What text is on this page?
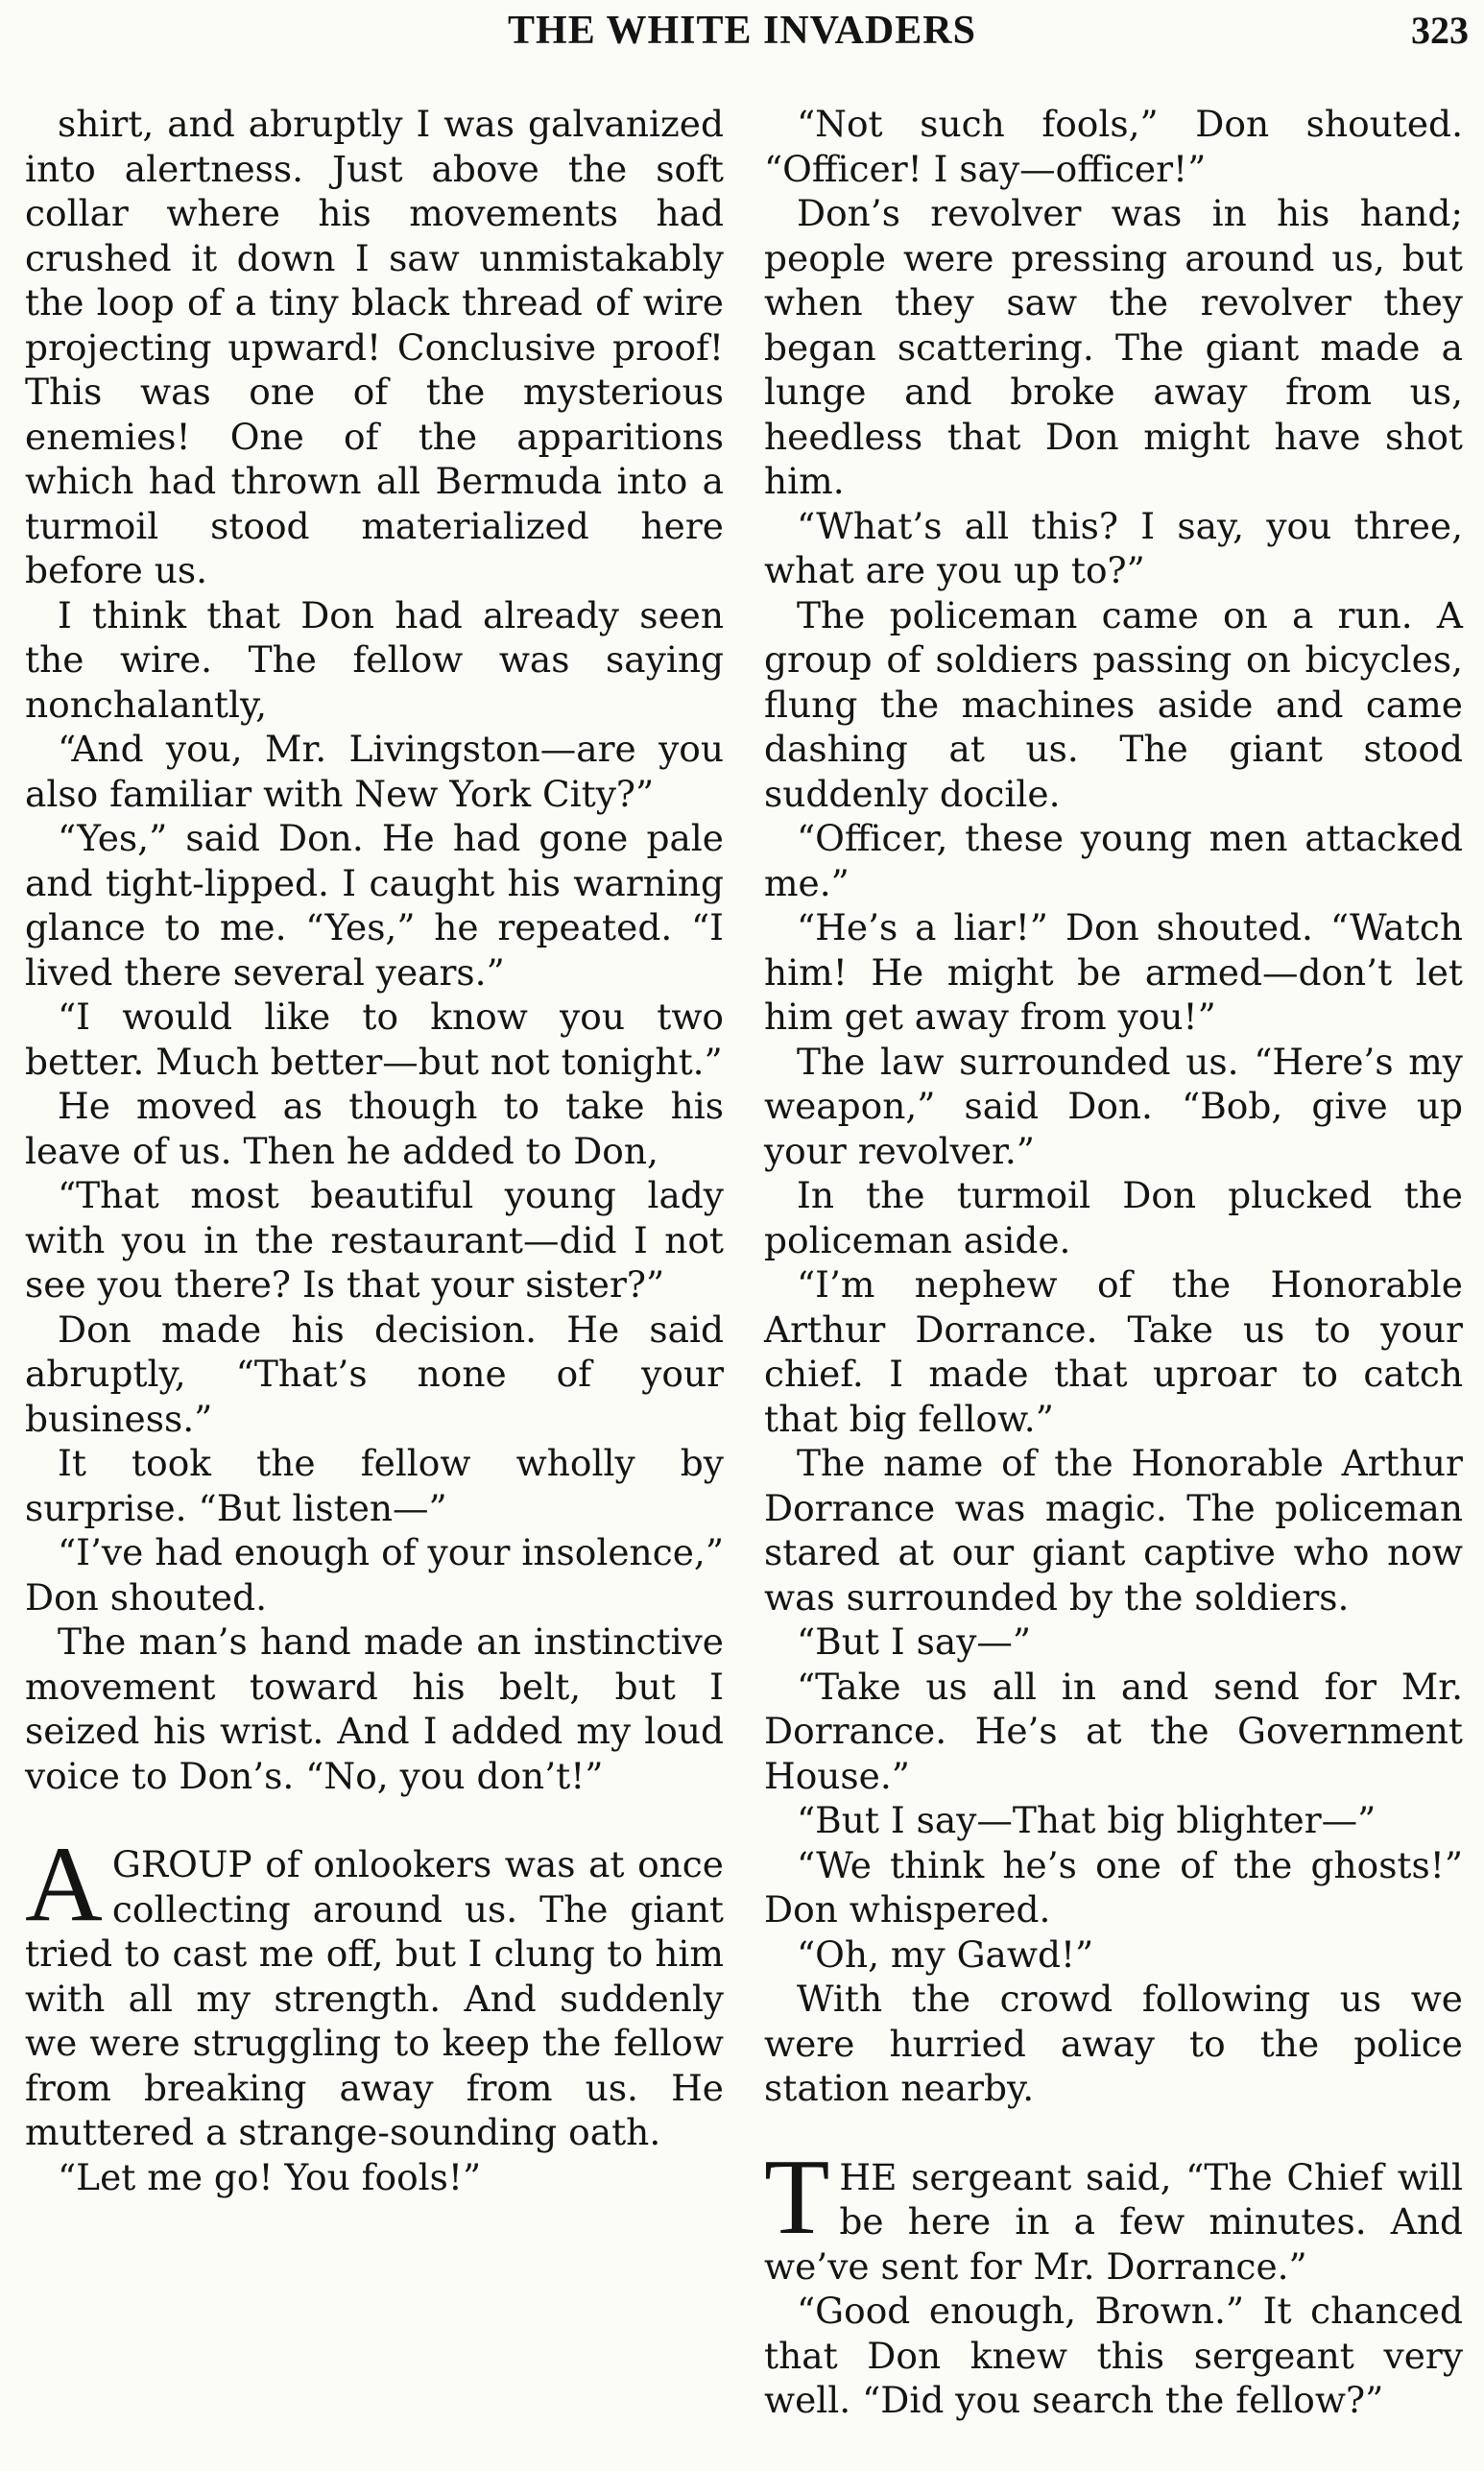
THE WHITE INVADERS	323

shirt, and abruptly I was galvanized into alertness. Just above the soft collar where his movements had crushed it down I saw unmistakably the loop of a tiny black thread of wire projecting upward! Conclusive proof! This was one of the mysterious enemies! One of the apparitions which had thrown all Bermuda into a turmoil stood materialized here before us.

I think that Don had already seen the wire. The fellow was saying nonchalantly,

“And you, Mr. Livingston—are you also familiar with New York City?”

“Yes,” said Don. He had gone pale and tight-lipped. I caught his warning glance to me. “Yes,” he repeated. “I lived there several years.”

“I would like to know you two better. Much better—but not tonight.”

He moved as though to take his leave of us. Then he added to Don,

“That most beautiful young lady with you in the restaurant—did I not see you there? Is that your sister?”

Don made his decision. He said abruptly, “That’s none of your business.”

It took the fellow wholly by surprise. “But listen—”

“I’ve had enough of your insolence,” Don shouted.

The man’s hand made an instinctive movement toward his belt, but I seized his wrist. And I added my loud voice to Don’s. “No, you don’t!”

AGROUP of onlookers was at once collecting around us. The giant tried to cast me off, but I clung to him with all my strength. And suddenly we were struggling to keep the fellow from breaking away from us. He muttered a strange-sounding oath.

“Let me go! You fools!”

“Not such fools,” Don shouted. “Officer! I say—officer!”

Don’s revolver was in his hand; people were pressing around us, but when they saw the revolver they began scattering. The giant made a lunge and broke away from us, heedless that Don might have shot him.

“What’s all this? I say, you three, what are you up to?”

The policeman came on a run. A group of soldiers passing on bicycles, flung the machines aside and came dashing at us. The giant stood suddenly docile.

“Officer, these young men attacked me.”

“He’s a liar!” Don shouted. “Watch him! He might be armed—don’t let him get away from you!”

The law surrounded us. “Here’s my weapon,” said Don. “Bob, give up your revolver.”

In the turmoil Don plucked the policeman aside.

“I’m nephew of the Honorable Arthur Dorrance. Take us to your chief. I made that uproar to catch that big fellow.”

The name of the Honorable Arthur Dorrance was magic. The policeman stared at our giant captive who now was surrounded by the soldiers.

“But I say—”

“Take us all in and send for Mr. Dorrance. He’s at the Government House.”

“But I say—That big blighter—”

“We think he’s one of the ghosts!” Don whispered.

“Oh, my Gawd!”

With the crowd following us we were hurried away to the police station nearby.

THE sergeant said, “The Chief will be here in a few minutes. And we’ve sent for Mr. Dorrance.”

“Good enough, Brown.” It chanced that Don knew this sergeant very well. “Did you search the fellow?”
